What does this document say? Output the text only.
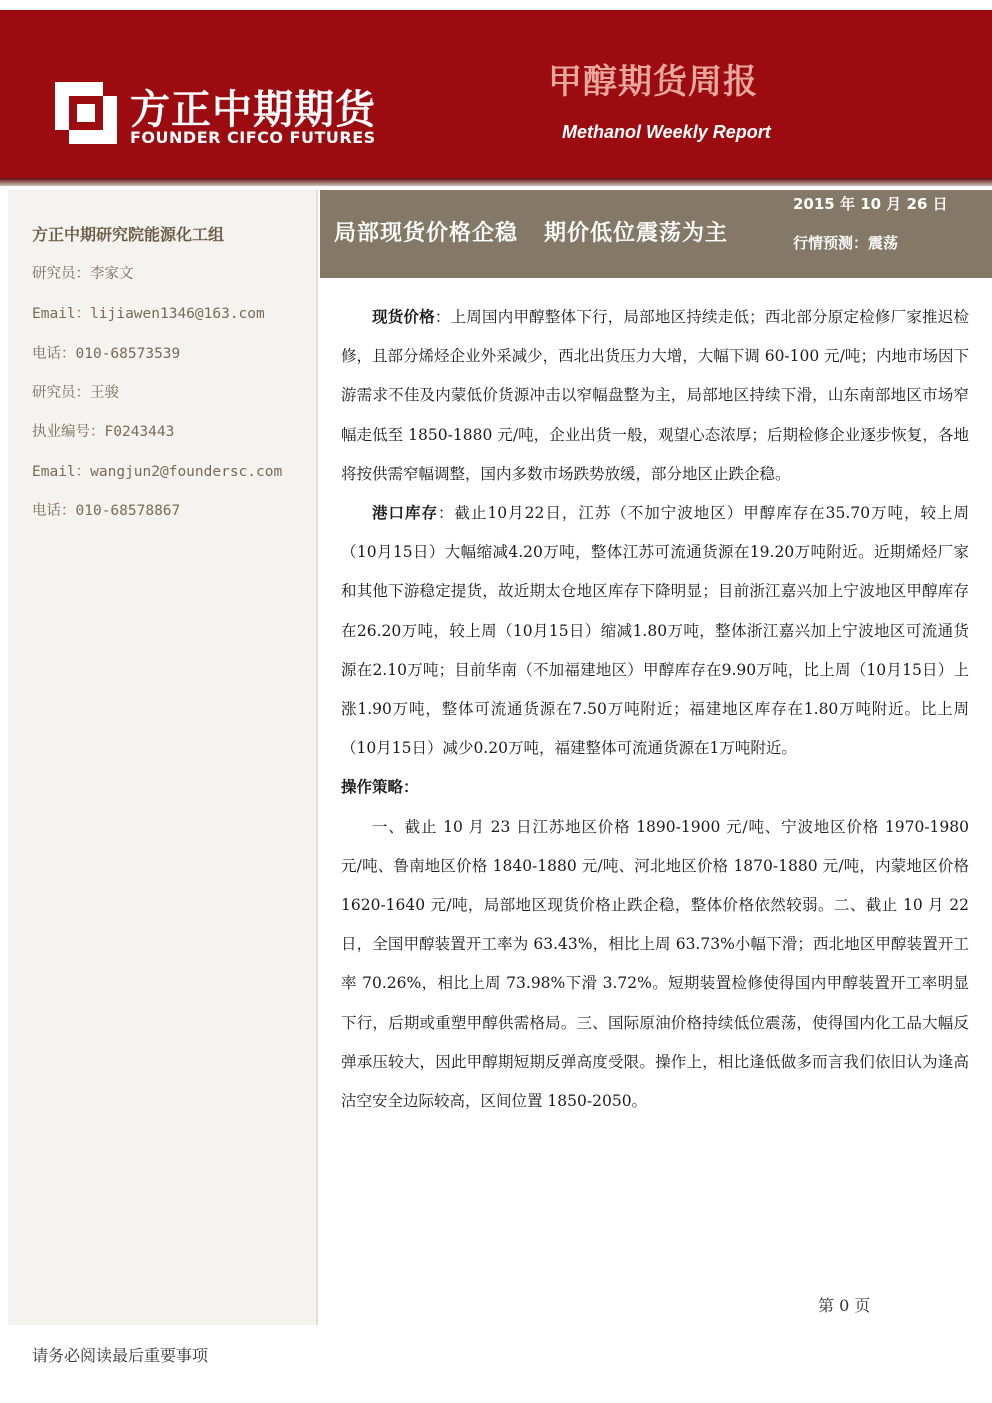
方正中期期货
FOUNDER CIFCO FUTURES
甲醇期货周报
Methanol Weekly Report
方正中期研究院能源化工组
研究员：李家文
Email：lijiawen1346@163.com
电话：010-68573539
研究员：王骏
执业编号：F0243443
Email：wangjun2@foundersc.com
电话：010-68578867
局部现货价格企稳   期价低位震荡为主
2015 年 10 月 26 日
行情预测：震荡

现货价格：上周国内甲醇整体下行，局部地区持续走低；西北部分原定检修厂家推迟检修，且部分烯烃企业外采减少，西北出货压力大增，大幅下调 60-100 元/吨；内地市场因下游需求不佳及内蒙低价货源冲击以窄幅盘整为主，局部地区持续下滑，山东南部地区市场窄幅走低至 1850-1880 元/吨，企业出货一般，观望心态浓厚；后期检修企业逐步恢复，各地将按供需窄幅调整，国内多数市场跌势放缓，部分地区止跌企稳。

港口库存：截止10月22日，江苏（不加宁波地区）甲醇库存在35.70万吨，较上周（10月15日）大幅缩减4.20万吨，整体江苏可流通货源在19.20万吨附近。近期烯烃厂家和其他下游稳定提货，故近期太仓地区库存下降明显；目前浙江嘉兴加上宁波地区甲醇库存在26.20万吨，较上周（10月15日）缩减1.80万吨，整体浙江嘉兴加上宁波地区可流通货源在2.10万吨；目前华南（不加福建地区）甲醇库存在9.90万吨，比上周（10月15日）上涨1.90万吨，整体可流通货源在7.50万吨附近；福建地区库存在1.80万吨附近。比上周（10月15日）减少0.20万吨，福建整体可流通货源在1万吨附近。

操作策略：

一、截止 10 月 23 日江苏地区价格 1890-1900 元/吨、宁波地区价格 1970-1980 元/吨、鲁南地区价格 1840-1880 元/吨、河北地区价格 1870-1880 元/吨，内蒙地区价格 1620-1640 元/吨，局部地区现货价格止跌企稳，整体价格依然较弱。二、截止 10 月 22 日，全国甲醇装置开工率为 63.43%，相比上周 63.73%小幅下滑；西北地区甲醇装置开工率 70.26%，相比上周 73.98%下滑 3.72%。短期装置检修使得国内甲醇装置开工率明显下行，后期或重塑甲醇供需格局。三、国际原油价格持续低位震荡，使得国内化工品大幅反弹承压较大，因此甲醇期短期反弹高度受限。操作上，相比逢低做多而言我们依旧认为逢高沽空安全边际较高，区间位置 1850-2050。

第 0 页
请务必阅读最后重要事项
